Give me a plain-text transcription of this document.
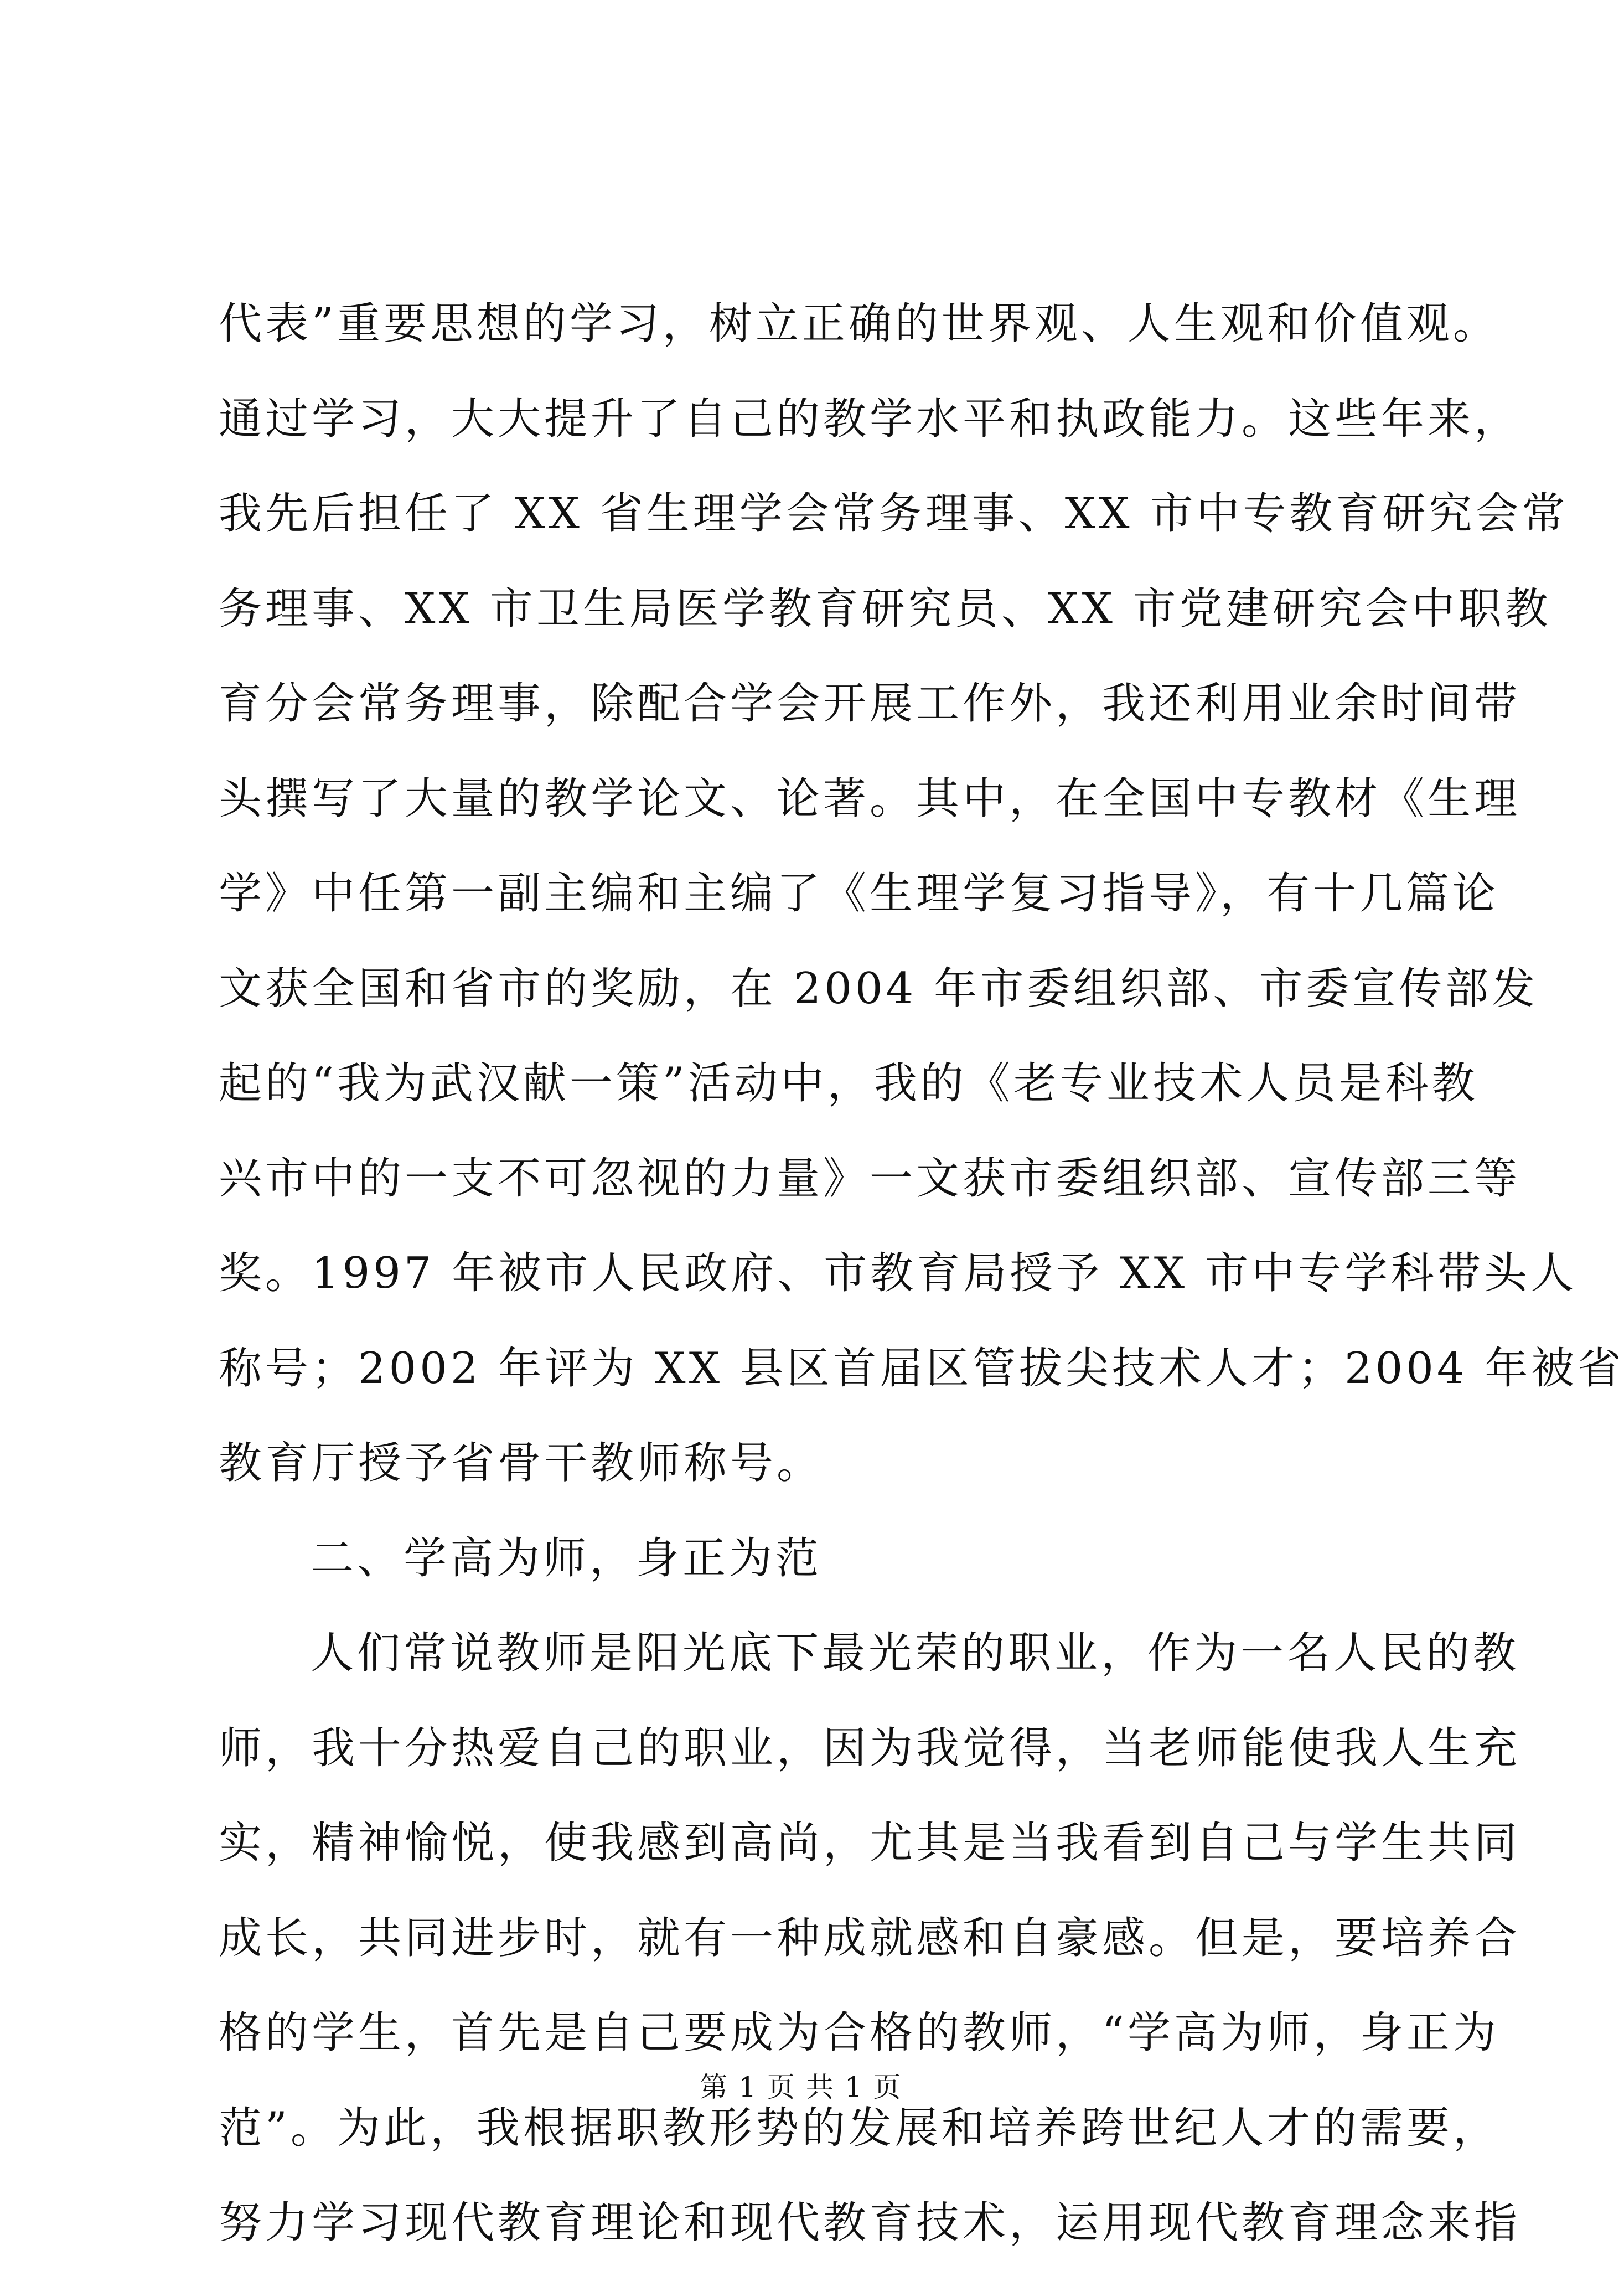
代表”重要思想的学习，树立正确的世界观、人生观和价值观。
通过学习，大大提升了自己的教学水平和执政能力。这些年来，
我先后担任了 XX 省生理学会常务理事、XX 市中专教育研究会常
务理事、XX 市卫生局医学教育研究员、XX 市党建研究会中职教
育分会常务理事，除配合学会开展工作外，我还利用业余时间带
头撰写了大量的教学论文、论著。其中，在全国中专教材《生理
学》中任第一副主编和主编了《生理学复习指导》，有十几篇论
文获全国和省市的奖励，在 2004 年市委组织部、市委宣传部发
起的“我为武汉献一策”活动中，我的《老专业技术人员是科教
兴市中的一支不可忽视的力量》一文获市委组织部、宣传部三等
奖。1997 年被市人民政府、市教育局授予 XX 市中专学科带头人
称号；2002 年评为 XX 县区首届区管拔尖技术人才；2004 年被省
教育厅授予省骨干教师称号。
二、学高为师，身正为范
人们常说教师是阳光底下最光荣的职业，作为一名人民的教
师，我十分热爱自己的职业，因为我觉得，当老师能使我人生充
实，精神愉悦，使我感到高尚，尤其是当我看到自己与学生共同
成长，共同进步时，就有一种成就感和自豪感。但是，要培养合
格的学生，首先是自己要成为合格的教师，“学高为师，身正为
范”。为此，我根据职教形势的发展和培养跨世纪人才的需要，
努力学习现代教育理论和现代教育技术，运用现代教育理念来指
第 1 页 共 1 页
